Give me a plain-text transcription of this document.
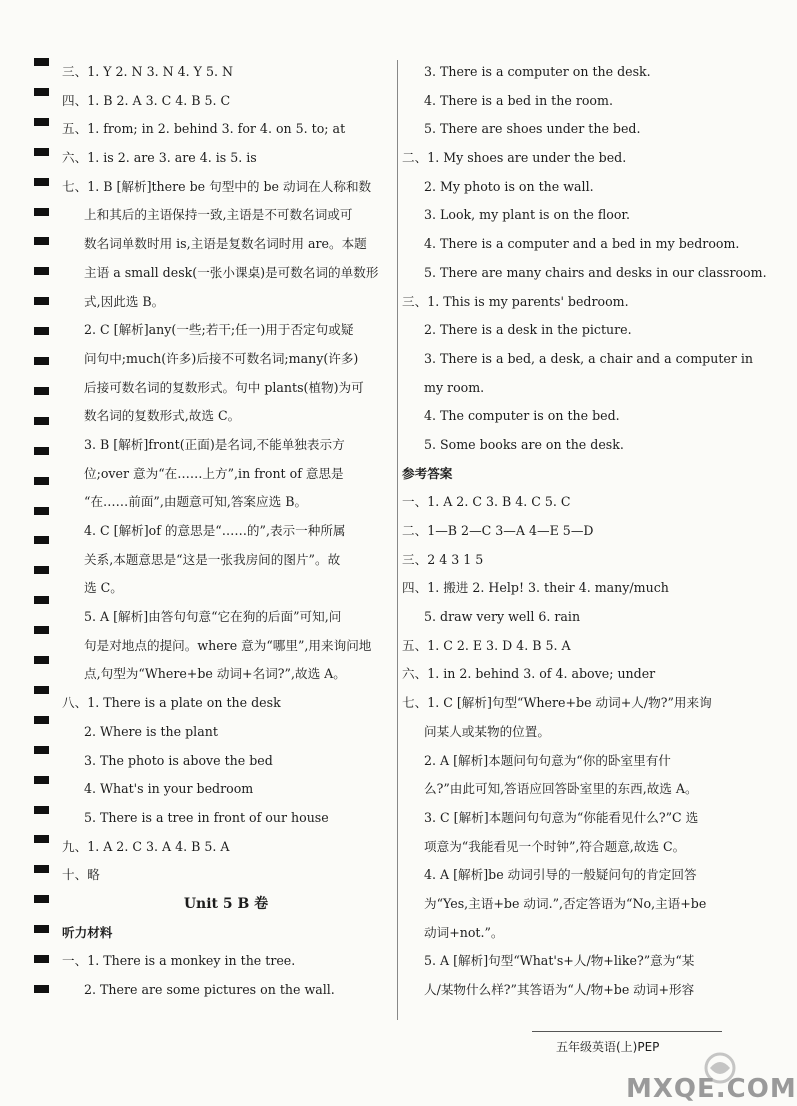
三、1. Y 2. N 3. N 4. Y 5. N
四、1. B 2. A 3. C 4. B 5. C
五、1. from; in 2. behind 3. for 4. on 5. to; at
六、1. is 2. are 3. are 4. is 5. is
七、1. B [解析]there be 句型中的 be 动词在人称和数
上和其后的主语保持一致,主语是不可数名词或可
数名词单数时用 is,主语是复数名词时用 are。本题
主语 a small desk(一张小课桌)是可数名词的单数形
式,因此选 B。
2. C [解析]any(一些;若干;任一)用于否定句或疑
问句中;much(许多)后接不可数名词;many(许多)
后接可数名词的复数形式。句中 plants(植物)为可
数名词的复数形式,故选 C。
3. B [解析]front(正面)是名词,不能单独表示方
位;over 意为“在……上方”,in front of 意思是
“在……前面”,由题意可知,答案应选 B。
4. C [解析]of 的意思是“……的”,表示一种所属
关系,本题意思是“这是一张我房间的图片”。故
选 C。
5. A [解析]由答句句意“它在狗的后面”可知,问
句是对地点的提问。where 意为“哪里”,用来询问地
点,句型为“Where+be 动词+名词?”,故选 A。
八、1. There is a plate on the desk
2. Where is the plant
3. The photo is above the bed
4. What's in your bedroom
5. There is a tree in front of our house
九、1. A 2. C 3. A 4. B 5. A
十、略
Unit 5 B 卷
听力材料
一、1. There is a monkey in the tree.
2. There are some pictures on the wall.
3. There is a computer on the desk.
4. There is a bed in the room.
5. There are shoes under the bed.
二、1. My shoes are under the bed.
2. My photo is on the wall.
3. Look, my plant is on the floor.
4. There is a computer and a bed in my bedroom.
5. There are many chairs and desks in our classroom.
三、1. This is my parents' bedroom.
2. There is a desk in the picture.
3. There is a bed, a desk, a chair and a computer in
my room.
4. The computer is on the bed.
5. Some books are on the desk.
参考答案
一、1. A 2. C 3. B 4. C 5. C
二、1—B 2—C 3—A 4—E 5—D
三、2 4 3 1 5
四、1. 搬进 2. Help! 3. their 4. many/much
5. draw very well 6. rain
五、1. C 2. E 3. D 4. B 5. A
六、1. in 2. behind 3. of 4. above; under
七、1. C [解析]句型“Where+be 动词+人/物?”用来询
问某人或某物的位置。
2. A [解析]本题问句句意为“你的卧室里有什
么?”由此可知,答语应回答卧室里的东西,故选 A。
3. C [解析]本题问句句意为“你能看见什么?”C 选
项意为“我能看见一个时钟”,符合题意,故选 C。
4. A [解析]be 动词引导的一般疑问句的肯定回答
为“Yes,主语+be 动词.”,否定答语为“No,主语+be
动词+not.”。
5. A [解析]句型“What's+人/物+like?”意为“某
人/某物什么样?”其答语为“人/物+be 动词+形容
五年级英语(上)PEP
MXQE.COM
